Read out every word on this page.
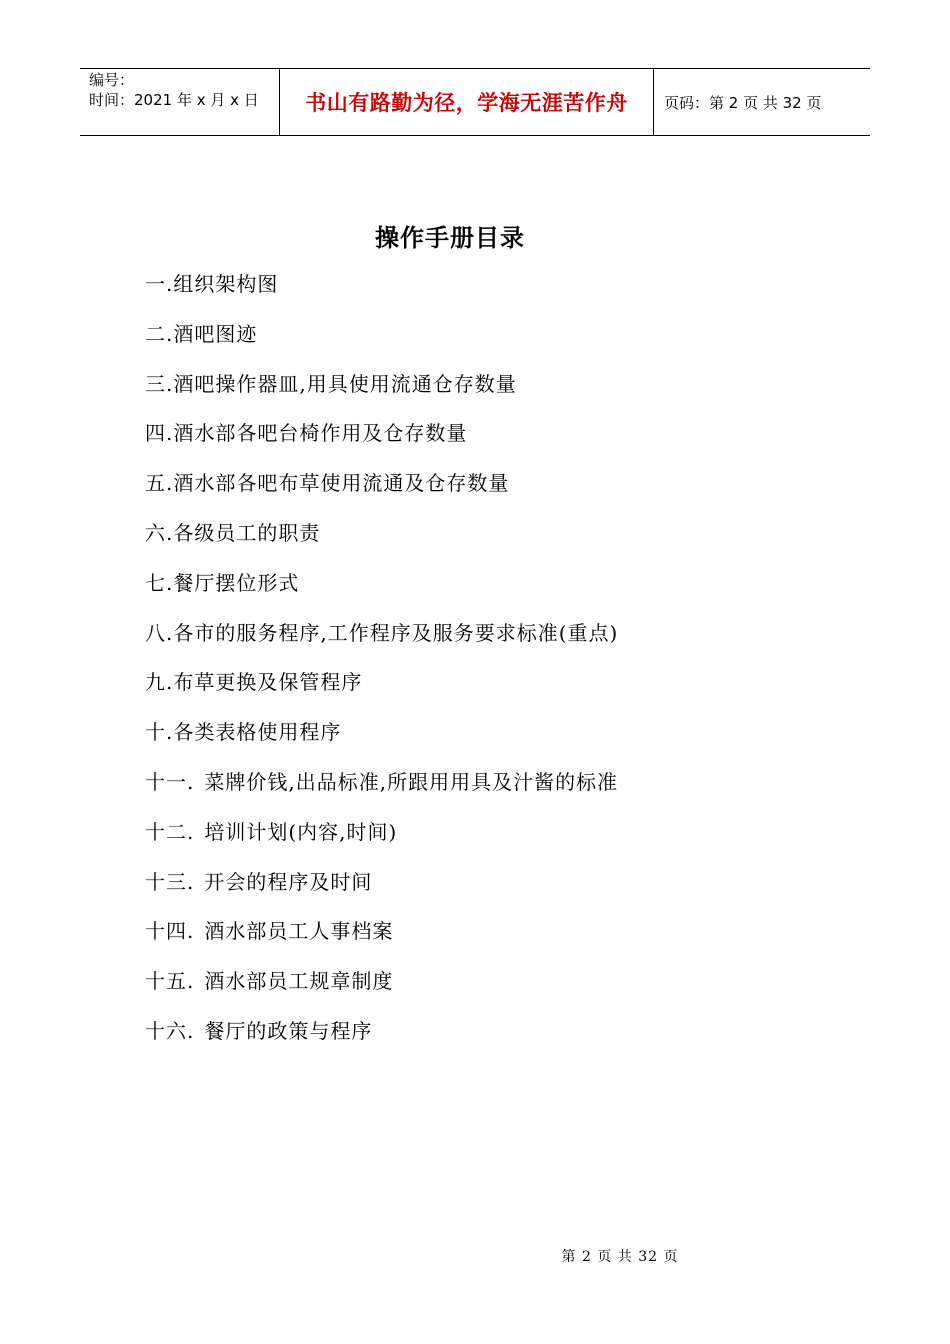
编号：
时间：2021 年 x 月 x 日 书山有路勤为径，学海无涯苦作舟 页码：第 2 页 共 32 页
操作手册目录
一.组织架构图
二.酒吧图迹
三.酒吧操作器皿,用具使用流通仓存数量
四.酒水部各吧台椅作用及仓存数量
五.酒水部各吧布草使用流通及仓存数量
六.各级员工的职责
七.餐厅摆位形式
八.各市的服务程序,工作程序及服务要求标准(重点)
九.布草更换及保管程序
十.各类表格使用程序
十一. 菜牌价钱,出品标准,所跟用用具及汁酱的标准
十二. 培训计划(内容,时间)
十三. 开会的程序及时间
十四. 酒水部员工人事档案
十五. 酒水部员工规章制度
十六. 餐厅的政策与程序
第 2 页 共 32 页
